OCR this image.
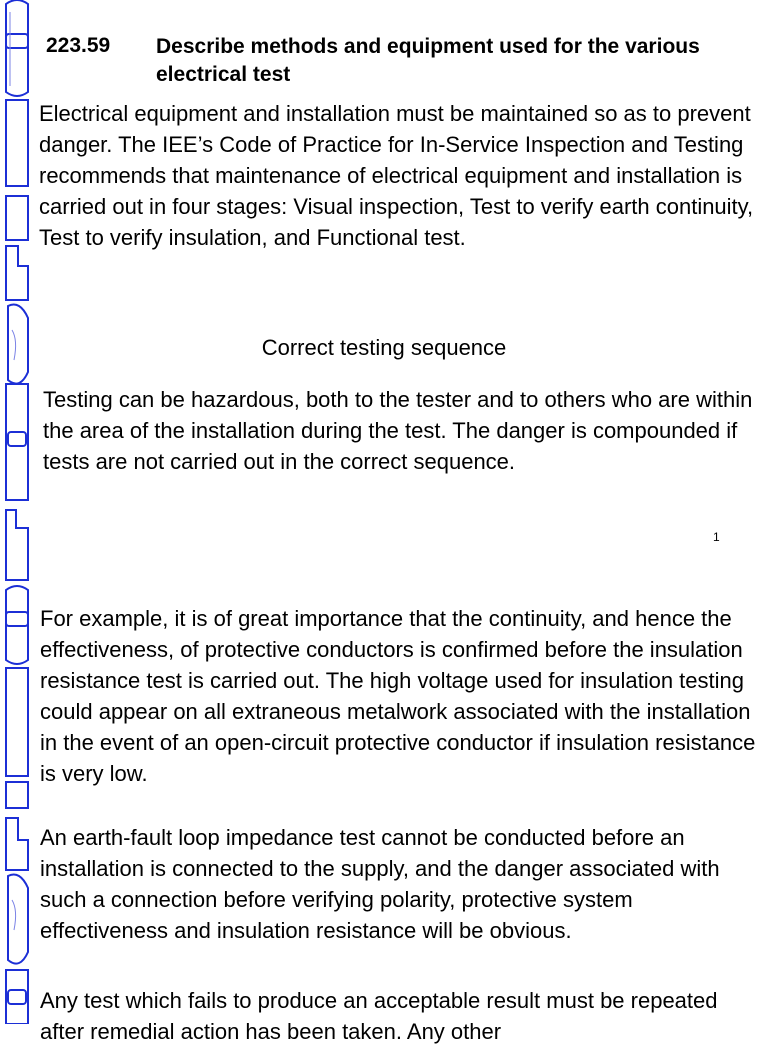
223.59 Describe methods and equipment used for the various electrical test

Electrical equipment and installation must be maintained so as to prevent danger. The IEE’s Code of Practice for In-Service Inspection and Testing recommends that maintenance of electrical equipment and installation is carried out in four stages: Visual inspection, Test to verify earth continuity, Test to verify insulation, and Functional test.

Correct testing sequence

Testing can be hazardous, both to the tester and to others who are within the area of the installation during the test. The danger is compounded if tests are not carried out in the correct sequence.

1

For example, it is of great importance that the continuity, and hence the effectiveness, of protective conductors is confirmed before the insulation resistance test is carried out. The high voltage used for insulation testing could appear on all extraneous metalwork associated with the installation in the event of an open-circuit protective conductor if insulation resistance is very low.

An earth-fault loop impedance test cannot be conducted before an installation is connected to the supply, and the danger associated with such a connection before verifying polarity, protective system effectiveness and insulation resistance will be obvious.

Any test which fails to produce an acceptable result must be repeated after remedial action has been taken. Any other
